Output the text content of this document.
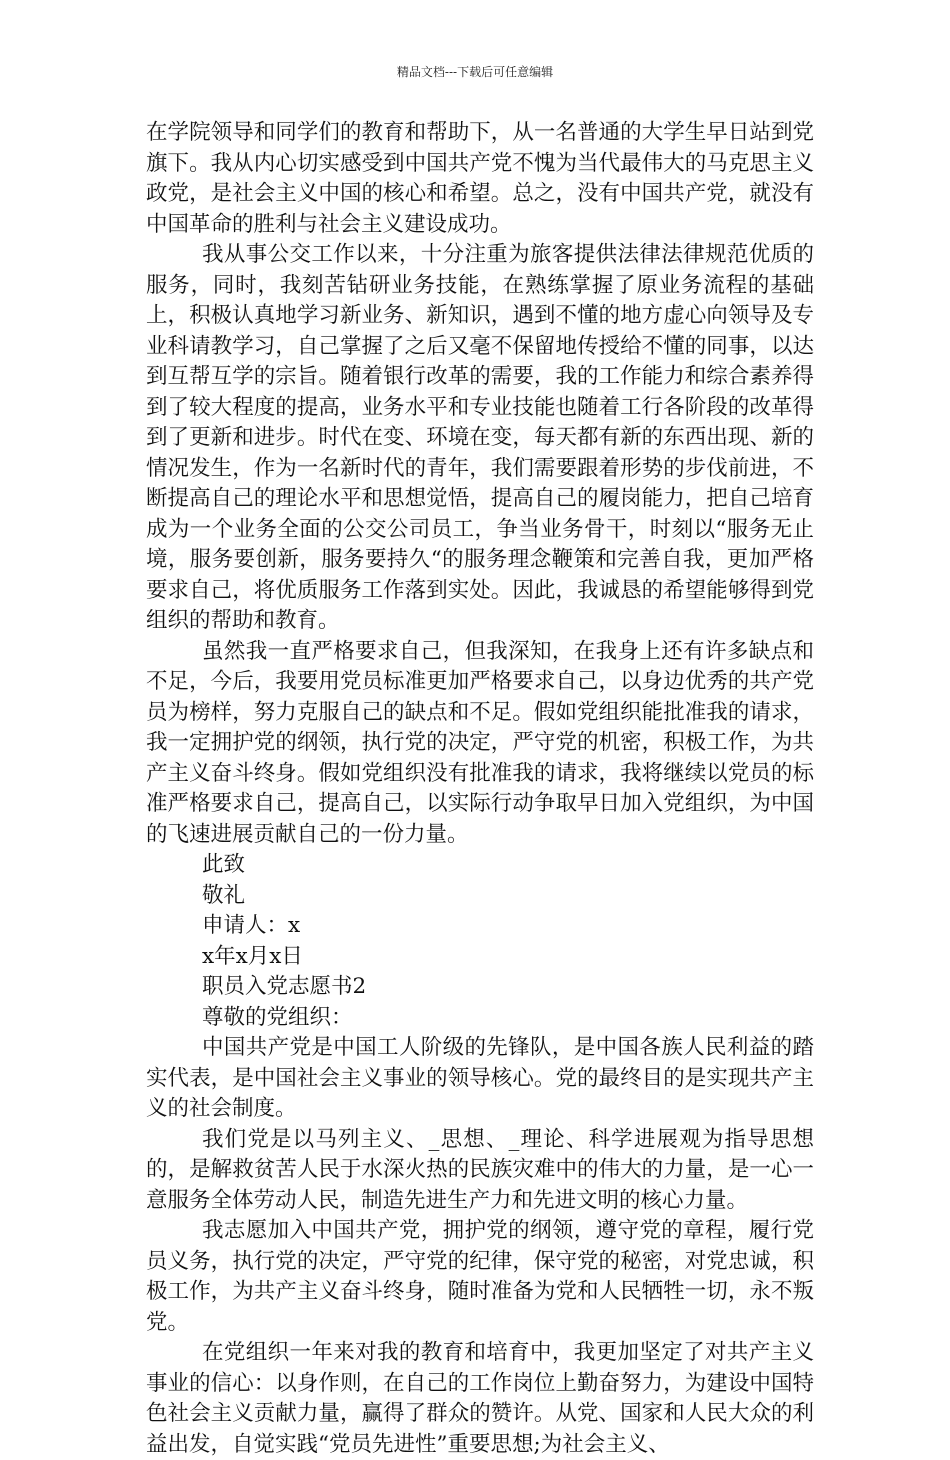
精品文档---下载后可任意编辑

在学院领导和同学们的教育和帮助下，从一名普通的大学生早日站到党旗下。我从内心切实感受到中国共产党不愧为当代最伟大的马克思主义政党，是社会主义中国的核心和希望。总之，没有中国共产党，就没有中国革命的胜利与社会主义建设成功。

我从事公交工作以来，十分注重为旅客提供法律法律规范优质的服务，同时，我刻苦钻研业务技能，在熟练掌握了原业务流程的基础上，积极认真地学习新业务、新知识，遇到不懂的地方虚心向领导及专业科请教学习，自己掌握了之后又毫不保留地传授给不懂的同事，以达到互帮互学的宗旨。随着银行改革的需要，我的工作能力和综合素养得到了较大程度的提高，业务水平和专业技能也随着工行各阶段的改革得到了更新和进步。时代在变、环境在变，每天都有新的东西出现、新的情况发生，作为一名新时代的青年，我们需要跟着形势的步伐前进，不断提高自己的理论水平和思想觉悟，提高自己的履岗能力，把自己培育成为一个业务全面的公交公司员工，争当业务骨干，时刻以“服务无止境，服务要创新，服务要持久“的服务理念鞭策和完善自我，更加严格要求自己，将优质服务工作落到实处。因此，我诚恳的希望能够得到党组织的帮助和教育。

虽然我一直严格要求自己，但我深知，在我身上还有许多缺点和不足，今后，我要用党员标准更加严格要求自己，以身边优秀的共产党员为榜样，努力克服自己的缺点和不足。假如党组织能批准我的请求，我一定拥护党的纲领，执行党的决定，严守党的机密，积极工作，为共产主义奋斗终身。假如党组织没有批准我的请求，我将继续以党员的标准严格要求自己，提高自己，以实际行动争取早日加入党组织，为中国的飞速进展贡献自己的一份力量。

此致

敬礼

申请人：x

x年x月x日

职员入党志愿书2

尊敬的党组织：

中国共产党是中国工人阶级的先锋队，是中国各族人民利益的踏实代表，是中国社会主义事业的领导核心。党的最终目的是实现共产主义的社会制度。

我们党是以马列主义、_思想、_理论、科学进展观为指导思想的，是解救贫苦人民于水深火热的民族灾难中的伟大的力量，是一心一意服务全体劳动人民，制造先进生产力和先进文明的核心力量。

我志愿加入中国共产党，拥护党的纲领，遵守党的章程，履行党员义务，执行党的决定，严守党的纪律，保守党的秘密，对党忠诚，积极工作，为共产主义奋斗终身，随时准备为党和人民牺牲一切，永不叛党。

在党组织一年来对我的教育和培育中，我更加坚定了对共产主义事业的信心：以身作则，在自己的工作岗位上勤奋努力，为建设中国特色社会主义贡献力量，赢得了群众的赞许。从党、国家和人民大众的利益出发，自觉实践“党员先进性”重要思想;为社会主义、
